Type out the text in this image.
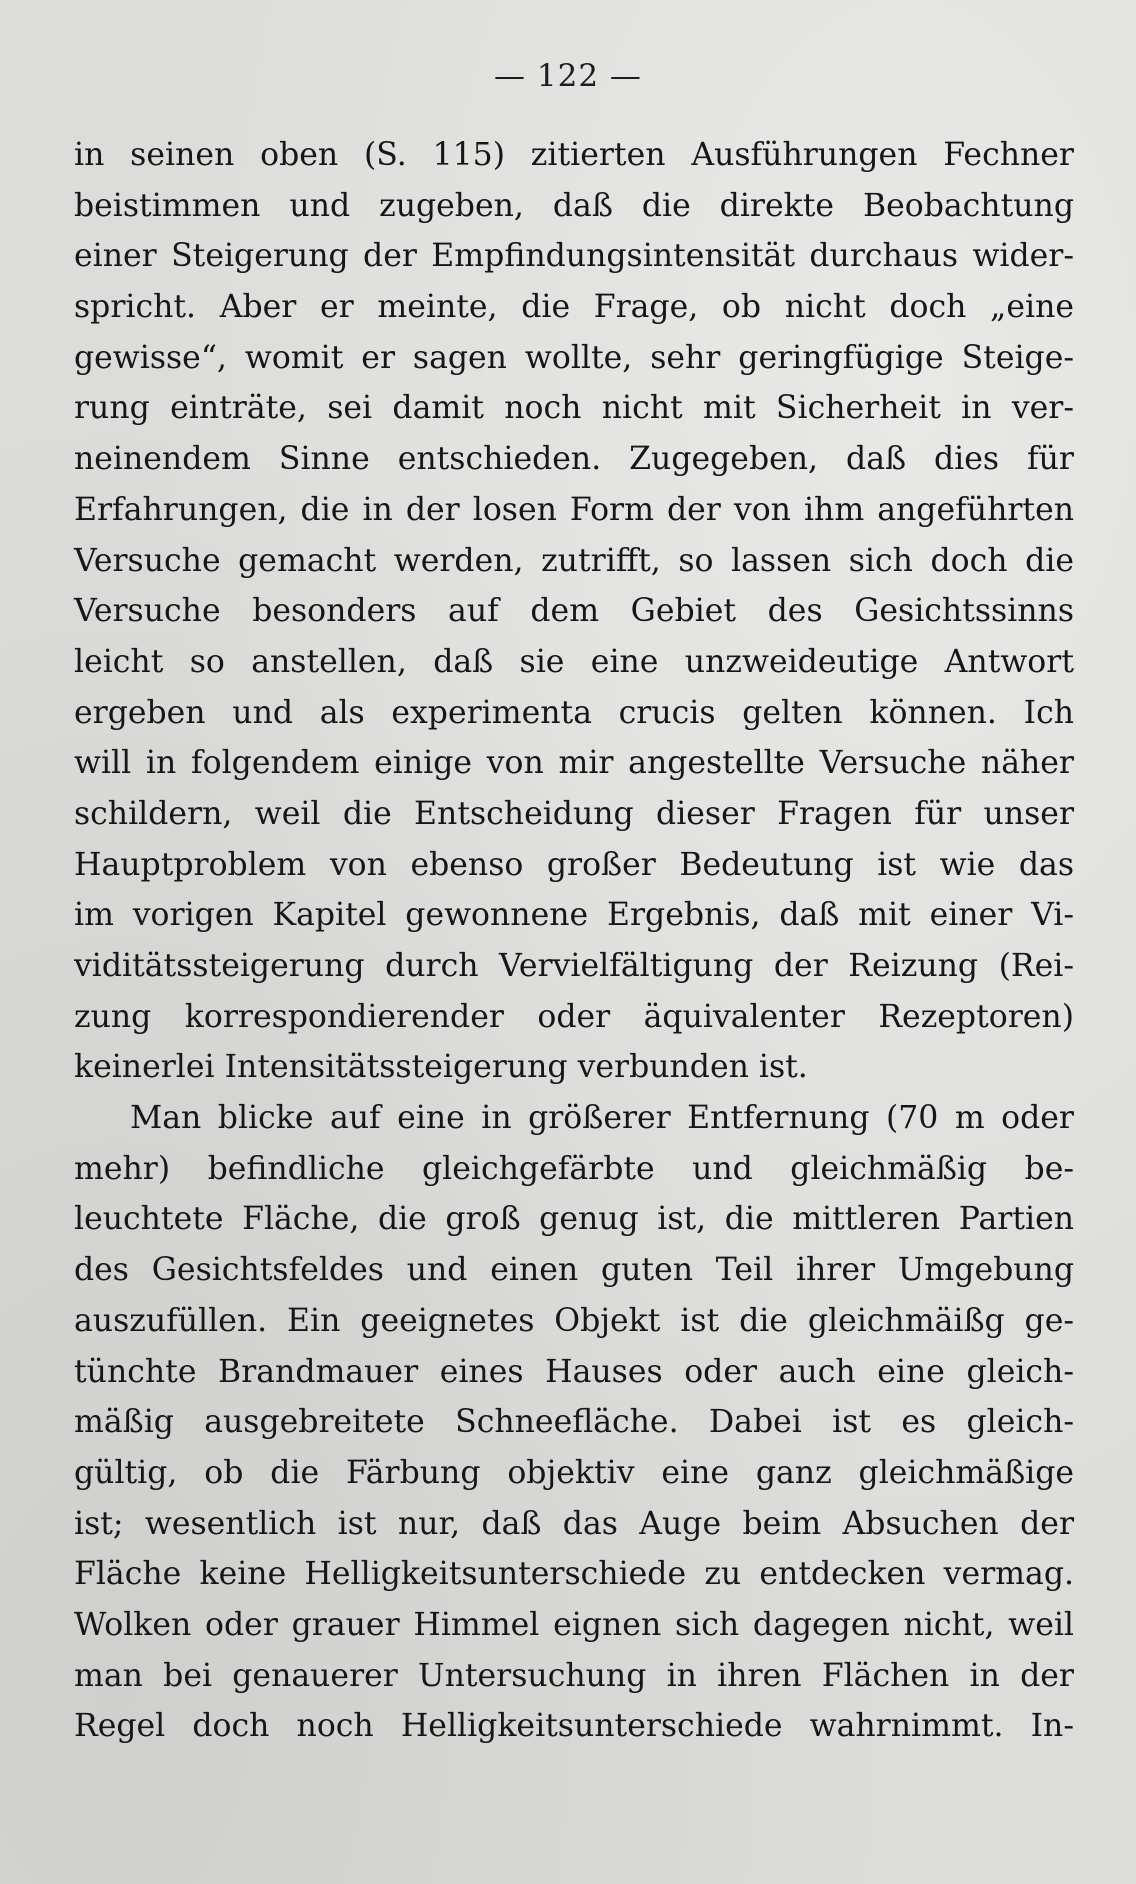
— 122 —
in seinen oben (S. 115) zitierten Ausführungen Fechner
beistimmen und zugeben, daß die direkte Beobachtung
einer Steigerung der Empfindungsintensität durchaus wider-
spricht. Aber er meinte, die Frage, ob nicht doch „eine
gewisse“, womit er sagen wollte, sehr geringfügige Steige-
rung einträte, sei damit noch nicht mit Sicherheit in ver-
neinendem Sinne entschieden. Zugegeben, daß dies für
Erfahrungen, die in der losen Form der von ihm angeführten
Versuche gemacht werden, zutrifft, so lassen sich doch die
Versuche besonders auf dem Gebiet des Gesichtssinns
leicht so anstellen, daß sie eine unzweideutige Antwort
ergeben und als experimenta crucis gelten können. Ich
will in folgendem einige von mir angestellte Versuche näher
schildern, weil die Entscheidung dieser Fragen für unser
Hauptproblem von ebenso großer Bedeutung ist wie das
im vorigen Kapitel gewonnene Ergebnis, daß mit einer Vi-
viditätssteigerung durch Vervielfältigung der Reizung (Rei-
zung korrespondierender oder äquivalenter Rezeptoren)
keinerlei Intensitätssteigerung verbunden ist.
Man blicke auf eine in größerer Entfernung (70 m oder
mehr) befindliche gleichgefärbte und gleichmäßig be-
leuchtete Fläche, die groß genug ist, die mittleren Partien
des Gesichtsfeldes und einen guten Teil ihrer Umgebung
auszufüllen. Ein geeignetes Objekt ist die gleichmäißg ge-
tünchte Brandmauer eines Hauses oder auch eine gleich-
mäßig ausgebreitete Schneefläche. Dabei ist es gleich-
gültig, ob die Färbung objektiv eine ganz gleichmäßige
ist; wesentlich ist nur, daß das Auge beim Absuchen der
Fläche keine Helligkeitsunterschiede zu entdecken vermag.
Wolken oder grauer Himmel eignen sich dagegen nicht, weil
man bei genauerer Untersuchung in ihren Flächen in der
Regel doch noch Helligkeitsunterschiede wahrnimmt. In-
